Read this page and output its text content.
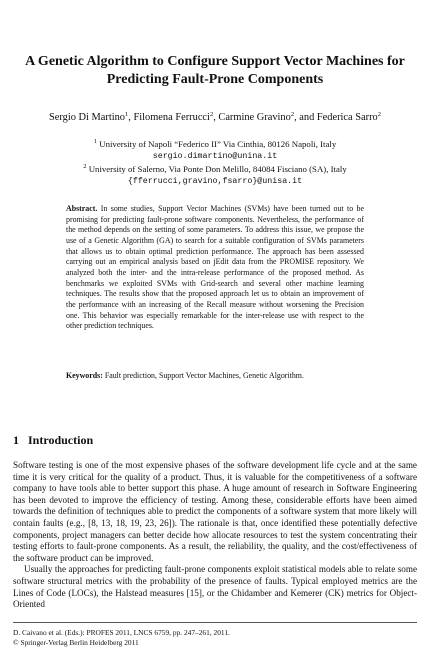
A Genetic Algorithm to Configure Support Vector Machines for Predicting Fault-Prone Components
Sergio Di Martino$^1$, Filomena Ferrucci$^2$, Carmine Gravino$^2$, and Federica Sarro$^2$
$^1$ University of Napoli “Federico II” Via Cinthia, 80126 Napoli, Italy
sergio.dimartino@unina.it
$^2$ University of Salerno, Via Ponte Don Melillo, 84084 Fisciano (SA), Italy
{fferrucci,gravino,fsarro}@unisa.it

Abstract. In some studies, Support Vector Machines (SVMs) have been turned out to be promising for predicting fault-prone software components. Nevertheless, the performance of the method depends on the setting of some parameters. To address this issue, we propose the use of a Genetic Algorithm (GA) to search for a suitable configuration of SVMs parameters that allows us to obtain optimal prediction performance. The approach has been assessed carrying out an empirical analysis based on jEdit data from the PROMISE repository. We analyzed both the inter- and the intra-release performance of the proposed method. As benchmarks we exploited SVMs with Grid-search and several other machine learning techniques. The results show that the proposed approach let us to obtain an improvement of the performance with an increasing of the Recall measure without worsening the Precision one. This behavior was especially remarkable for the inter-release use with respect to the other prediction techniques.

Keywords: Fault prediction, Support Vector Machines, Genetic Algorithm.

1 Introduction

Software testing is one of the most expensive phases of the software development life cycle and at the same time it is very critical for the quality of a product. Thus, it is valuable for the competitiveness of a software company to have tools able to better support this phase. A huge amount of research in Software Engineering has been devoted to improve the efficiency of testing. Among these, considerable efforts have been aimed towards the definition of techniques able to predict the components of a software system that more likely will contain faults (e.g., [8, 13, 18, 19, 23, 26]). The rationale is that, once identified these potentially defective components, project managers can better decide how allocate resources to test the system concentrating their testing efforts to fault-prone components. As a result, the reliability, the quality, and the cost/effectiveness of the software product can be improved.

Usually the approaches for predicting fault-prone components exploit statistical models able to relate some software structural metrics with the probability of the presence of faults. Typical employed metrics are the Lines of Code (LOCs), the Halstead measures [15], or the Chidamber and Kemerer (CK) metrics for Object-Oriented

D. Caivano et al. (Eds.): PROFES 2011, LNCS 6759, pp. 247–261, 2011.
© Springer-Verlag Berlin Heidelberg 2011
